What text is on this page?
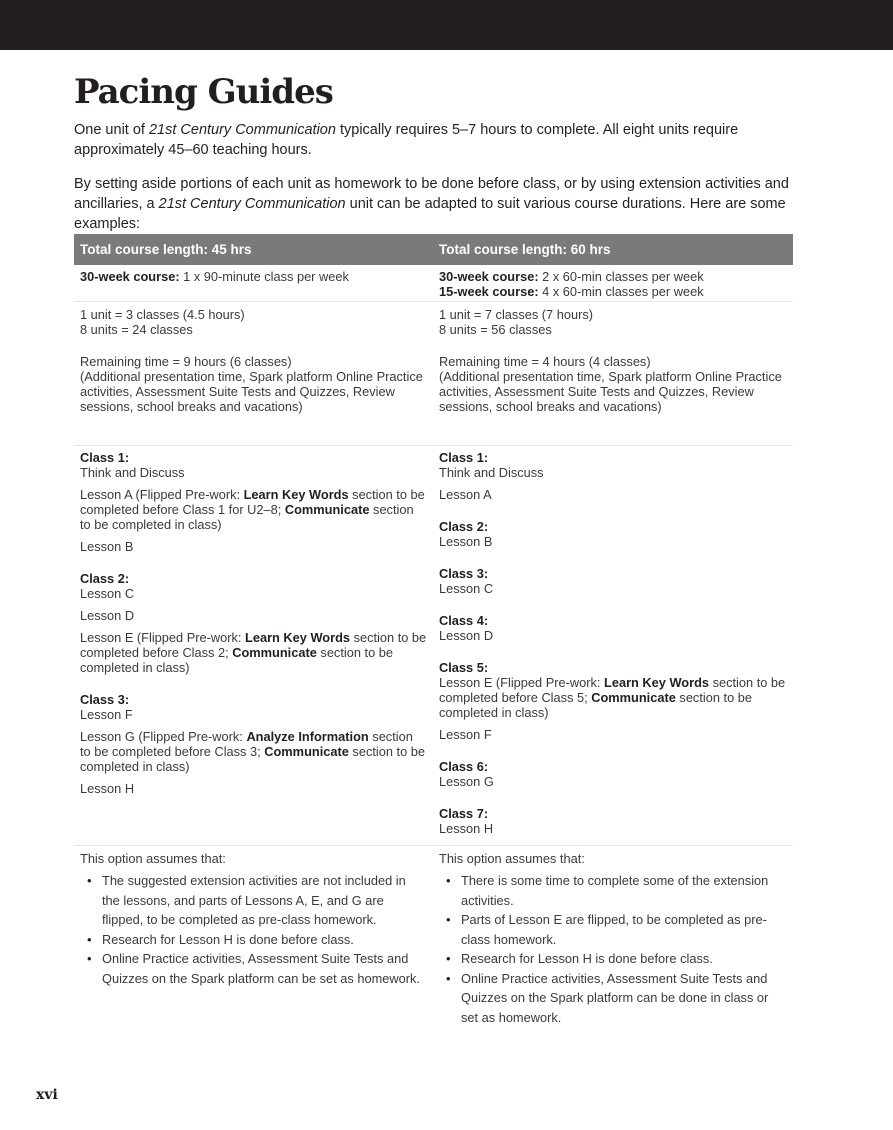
Pacing Guides

One unit of 21st Century Communication typically requires 5–7 hours to complete. All eight units require approximately 45–60 teaching hours.

By setting aside portions of each unit as homework to be done before class, or by using extension activities and ancillaries, a 21st Century Communication unit can be adapted to suit various course durations. Here are some examples:

Total course length: 45 hrs	Total course length: 60 hrs
30-week course: 1 x 90-minute class per week	30-week course: 2 x 60-min classes per week
15-week course: 4 x 60-min classes per week
1 unit = 3 classes (4.5 hours)
8 units = 24 classes
Remaining time = 9 hours (6 classes)
(Additional presentation time, Spark platform Online Practice activities, Assessment Suite Tests and Quizzes, Review sessions, school breaks and vacations)
1 unit = 7 classes (7 hours)
8 units = 56 classes
Remaining time = 4 hours (4 classes)
(Additional presentation time, Spark platform Online Practice activities, Assessment Suite Tests and Quizzes, Review sessions, school breaks and vacations)
Class 1:
Think and Discuss
Lesson A (Flipped Pre-work: Learn Key Words section to be completed before Class 1 for U2–8; Communicate section to be completed in class)
Lesson B
Class 2:
Lesson C
Lesson D
Lesson E (Flipped Pre-work: Learn Key Words section to be completed before Class 2; Communicate section to be completed in class)
Class 3:
Lesson F
Lesson G (Flipped Pre-work: Analyze Information section to be completed before Class 3; Communicate section to be completed in class)
Lesson H
Class 1:
Think and Discuss
Lesson A
Class 2:
Lesson B
Class 3:
Lesson C
Class 4:
Lesson D
Class 5:
Lesson E (Flipped Pre-work: Learn Key Words section to be completed before Class 5; Communicate section to be completed in class)
Lesson F
Class 6:
Lesson G
Class 7:
Lesson H
This option assumes that:
• The suggested extension activities are not included in the lessons, and parts of Lessons A, E, and G are flipped, to be completed as pre-class homework.
• Research for Lesson H is done before class.
• Online Practice activities, Assessment Suite Tests and Quizzes on the Spark platform can be set as homework.
This option assumes that:
• There is some time to complete some of the extension activities.
• Parts of Lesson E are flipped, to be completed as pre-class homework.
• Research for Lesson H is done before class.
• Online Practice activities, Assessment Suite Tests and Quizzes on the Spark platform can be done in class or set as homework.
xvi
